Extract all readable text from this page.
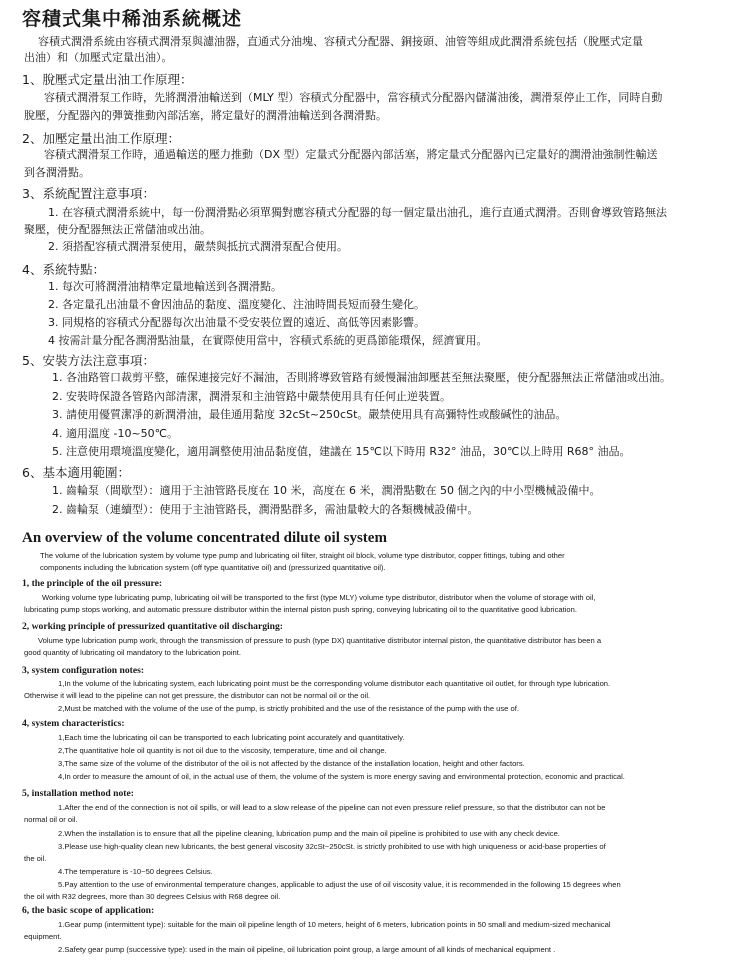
容積式集中稀油系統概述
容積式潤滑系統由容積式潤滑泵與濾油器，直通式分油塊、容積式分配器、銅接頭、油管等組成此潤滑系統包括（脫壓式定量
出油）和（加壓式定量出油）。
1、脫壓式定量出油工作原理：
容積式潤滑泵工作時，先將潤滑油輸送到（MLY 型）容積式分配器中，當容積式分配器內儲滿油後，潤滑泵停止工作，同時自動
脫壓，分配器內的彈簧推動內部活塞，將定量好的潤滑油輸送到各潤滑點。
2、加壓定量出油工作原理：
容積式潤滑泵工作時，通過輸送的壓力推動（DX 型）定量式分配器內部活塞，將定量式分配器內已定量好的潤滑油強制性輸送
到各潤滑點。
3、系統配置注意事項：
1. 在容積式潤滑系統中，每一份潤滑點必須單獨對應容積式分配器的每一個定量出油孔，進行直通式潤滑。否則會導致管路無法
聚壓，使分配器無法正常儲油或出油。
2. 須搭配容積式潤滑泵使用，嚴禁與抵抗式潤滑泵配合使用。
4、系統特點：
1. 每次可將潤滑油精準定量地輸送到各潤滑點。
2. 各定量孔出油量不會因油品的黏度、溫度變化、注油時間長短而發生變化。
3. 同規格的容積式分配器每次出油量不受安裝位置的遠近、高低等因素影響。
4 按需計量分配各潤滑點油量，在實際使用當中，容積式系統的更爲節能環保，經濟實用。
5、安裝方法注意事項：
1. 各油路管口裁剪平整，確保連接完好不漏油，否則將導致管路有緩慢漏油卸壓甚至無法聚壓，使分配器無法正常儲油或出油。
2. 安裝時保證各管路內部清潔，潤滑泵和主油管路中嚴禁使用具有任何止逆裝置。
3. 請使用優質潔凈的新潤滑油，最佳通用黏度 32cSt~250cSt。嚴禁使用具有高彌特性或酸碱性的油品。
4. 適用溫度 -10~50℃。
5. 注意使用環境溫度變化，適用調整使用油品黏度值，建議在 15℃以下時用 R32° 油品，30℃以上時用 R68° 油品。
6、基本適用範圍：
1. 齒輪泵（間歇型）：適用于主油管路長度在 10 米，高度在 6 米，潤滑點數在 50 個之內的中小型機械設備中。
2. 齒輪泵（連續型）：使用于主油管路長，潤滑點群多，需油量較大的各類機械設備中。
An overview of the volume concentrated dilute oil system
The volume of the lubrication system by volume type pump and lubricating oil filter, straight oil block, volume type distributor, copper fittings, tubing and other
components including the lubrication system (off type quantitative oil) and (pressurized quantitative oil).
1, the principle of the oil pressure:
Working volume type lubricating pump, lubricating oil will be transported to the first (type MLY) volume type distributor, distributor when the volume of storage with oil,
lubricating pump stops working, and automatic pressure distributor within the internal piston push spring, conveying lubricating oil to the quantitative good lubrication.
2, working principle of pressurized quantitative oil discharging:
Volume type lubrication pump work, through the transmission of pressure to push (type DX) quantitative distributor internal piston, the quantitative distributor has been a
good quantity of lubricating oil mandatory to the lubrication point.
3, system configuration notes:
1,In the volume of the lubricating system, each lubricating point must be the corresponding volume distributor each quantitative oil outlet, for through type lubrication.
Otherwise it will lead to the pipeline can not get pressure, the distributor can not be normal oil or the oil.
2,Must be matched with the volume of the use of the pump, is strictly prohibited and the use of the resistance of the pump with the use of.
4, system characteristics:
1,Each time the lubricating oil can be transported to each lubricating point accurately and quantitatively.
2,The quantitative hole oil quantity is not oil due to the viscosity, temperature, time and oil change.
3,The same size of the volume of the distributor of the oil is not affected by the distance of the installation location, height and other factors.
4,In order to measure the amount of oil, in the actual use of them, the volume of the system is more energy saving and environmental protection, economic and practical.
5, installation method note:
1.After the end of the connection is not oil spills, or will lead to a slow release of the pipeline can not even pressure relief pressure, so that the distributor can not be
normal oil or oil.
2.When the installation is to ensure that all the pipeline cleaning, lubrication pump and the main oil pipeline is prohibited to use with any check device.
3.Please use high-quality clean new lubricants, the best general viscosity 32cSt~250cSt. is strictly prohibited to use with high uniqueness or acid-base properties of
the oil.
4.The temperature is -10~50 degrees Celsius.
5.Pay attention to the use of environmental temperature changes, applicable to adjust the use of oil viscosity value, it is recommended in the following 15 degrees when
the oil with R32 degrees, more than 30 degrees Celsius with R68 degree oil.
6, the basic scope of application:
1.Gear pump (intermittent type): suitable for the main oil pipeline length of 10 meters, height of 6 meters, lubrication points in 50 small and medium-sized mechanical
equipment.
2.Safety gear pump (successive type): used in the main oil pipeline, oil lubrication point group, a large amount of all kinds of mechanical equipment .
